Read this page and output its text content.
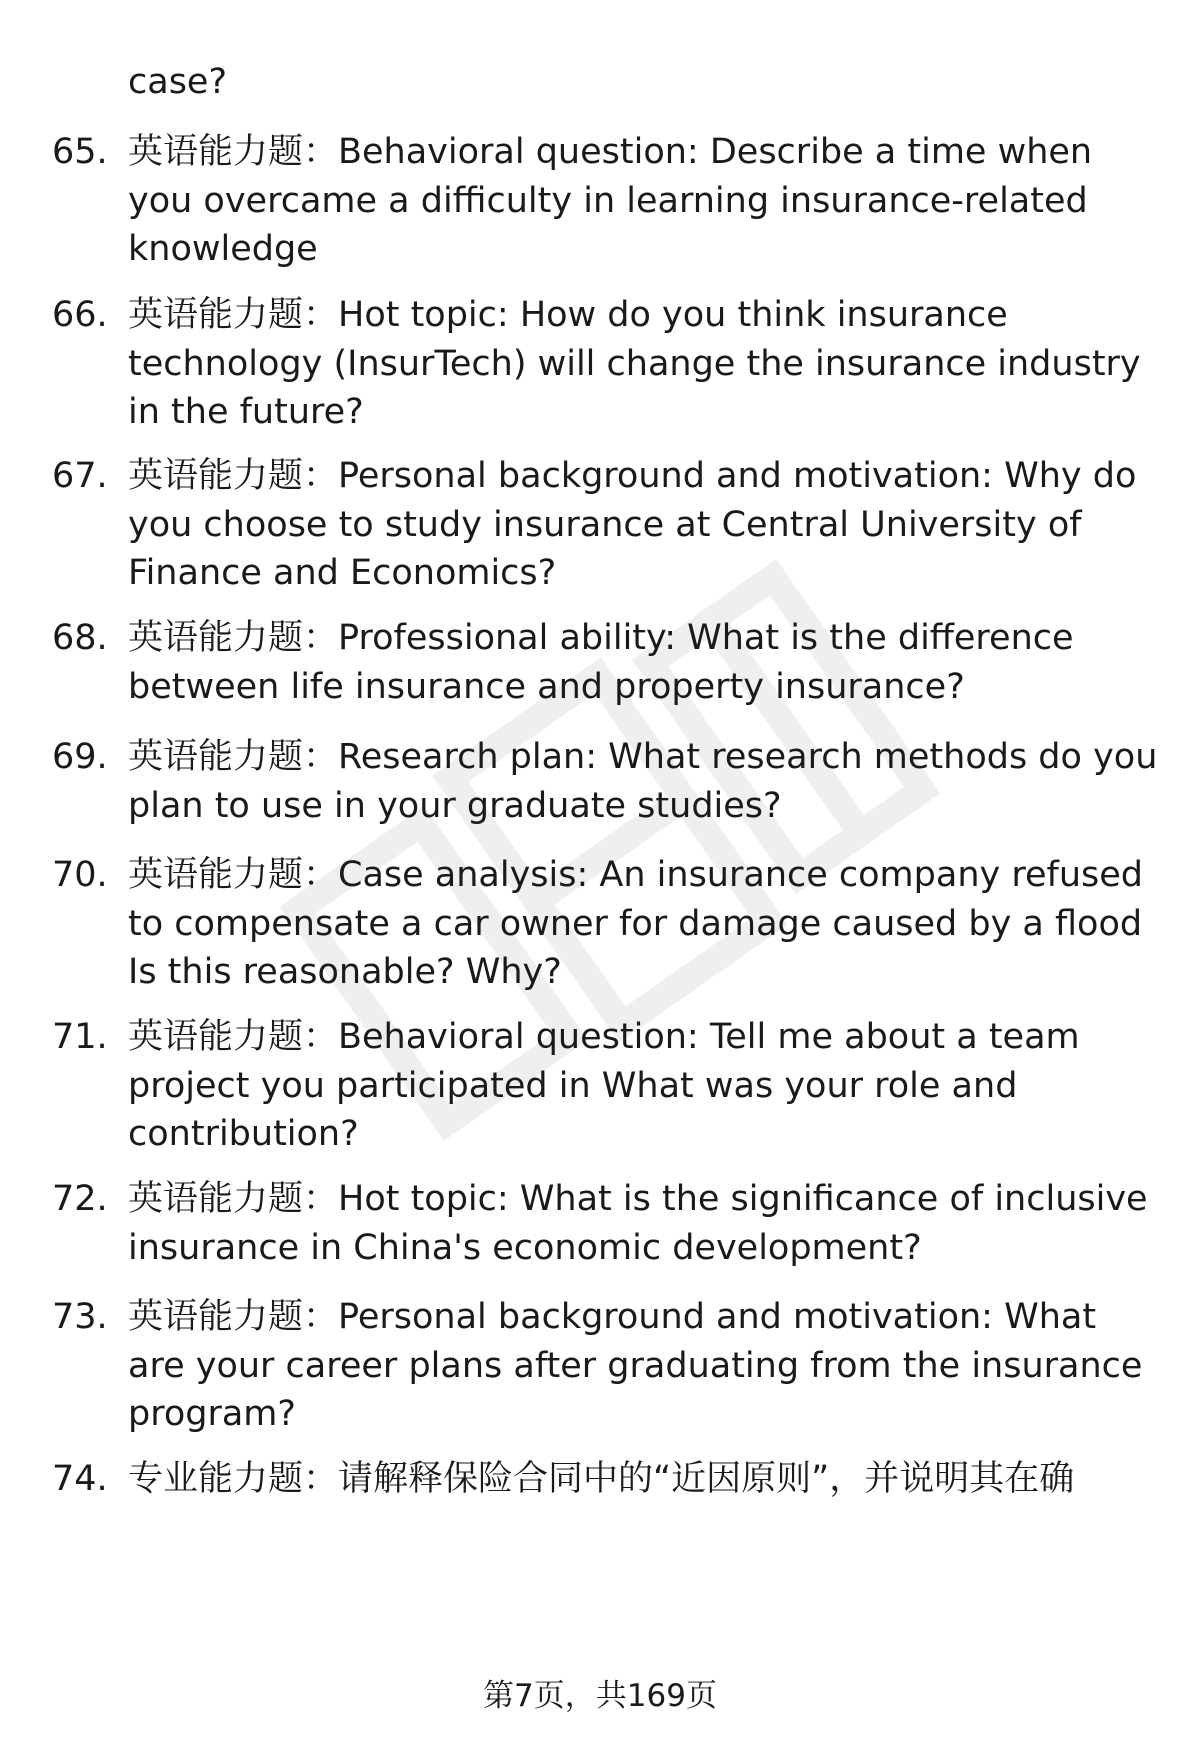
case?
65. 英语能力题：Behavioral question: Describe a time when you overcame a difficulty in learning insurance-related knowledge
66. 英语能力题：Hot topic: How do you think insurance technology (InsurTech) will change the insurance industry in the future?
67. 英语能力题：Personal background and motivation: Why do you choose to study insurance at Central University of Finance and Economics?
68. 英语能力题：Professional ability: What is the difference between life insurance and property insurance?
69. 英语能力题：Research plan: What research methods do you plan to use in your graduate studies?
70. 英语能力题：Case analysis: An insurance company refused to compensate a car owner for damage caused by a flood Is this reasonable? Why?
71. 英语能力题：Behavioral question: Tell me about a team project you participated in What was your role and contribution?
72. 英语能力题：Hot topic: What is the significance of inclusive insurance in China's economic development?
73. 英语能力题：Personal background and motivation: What are your career plans after graduating from the insurance program?
74. 专业能力题：请解释保险合同中的“近因原则”，并说明其在确
第7页，共169页
